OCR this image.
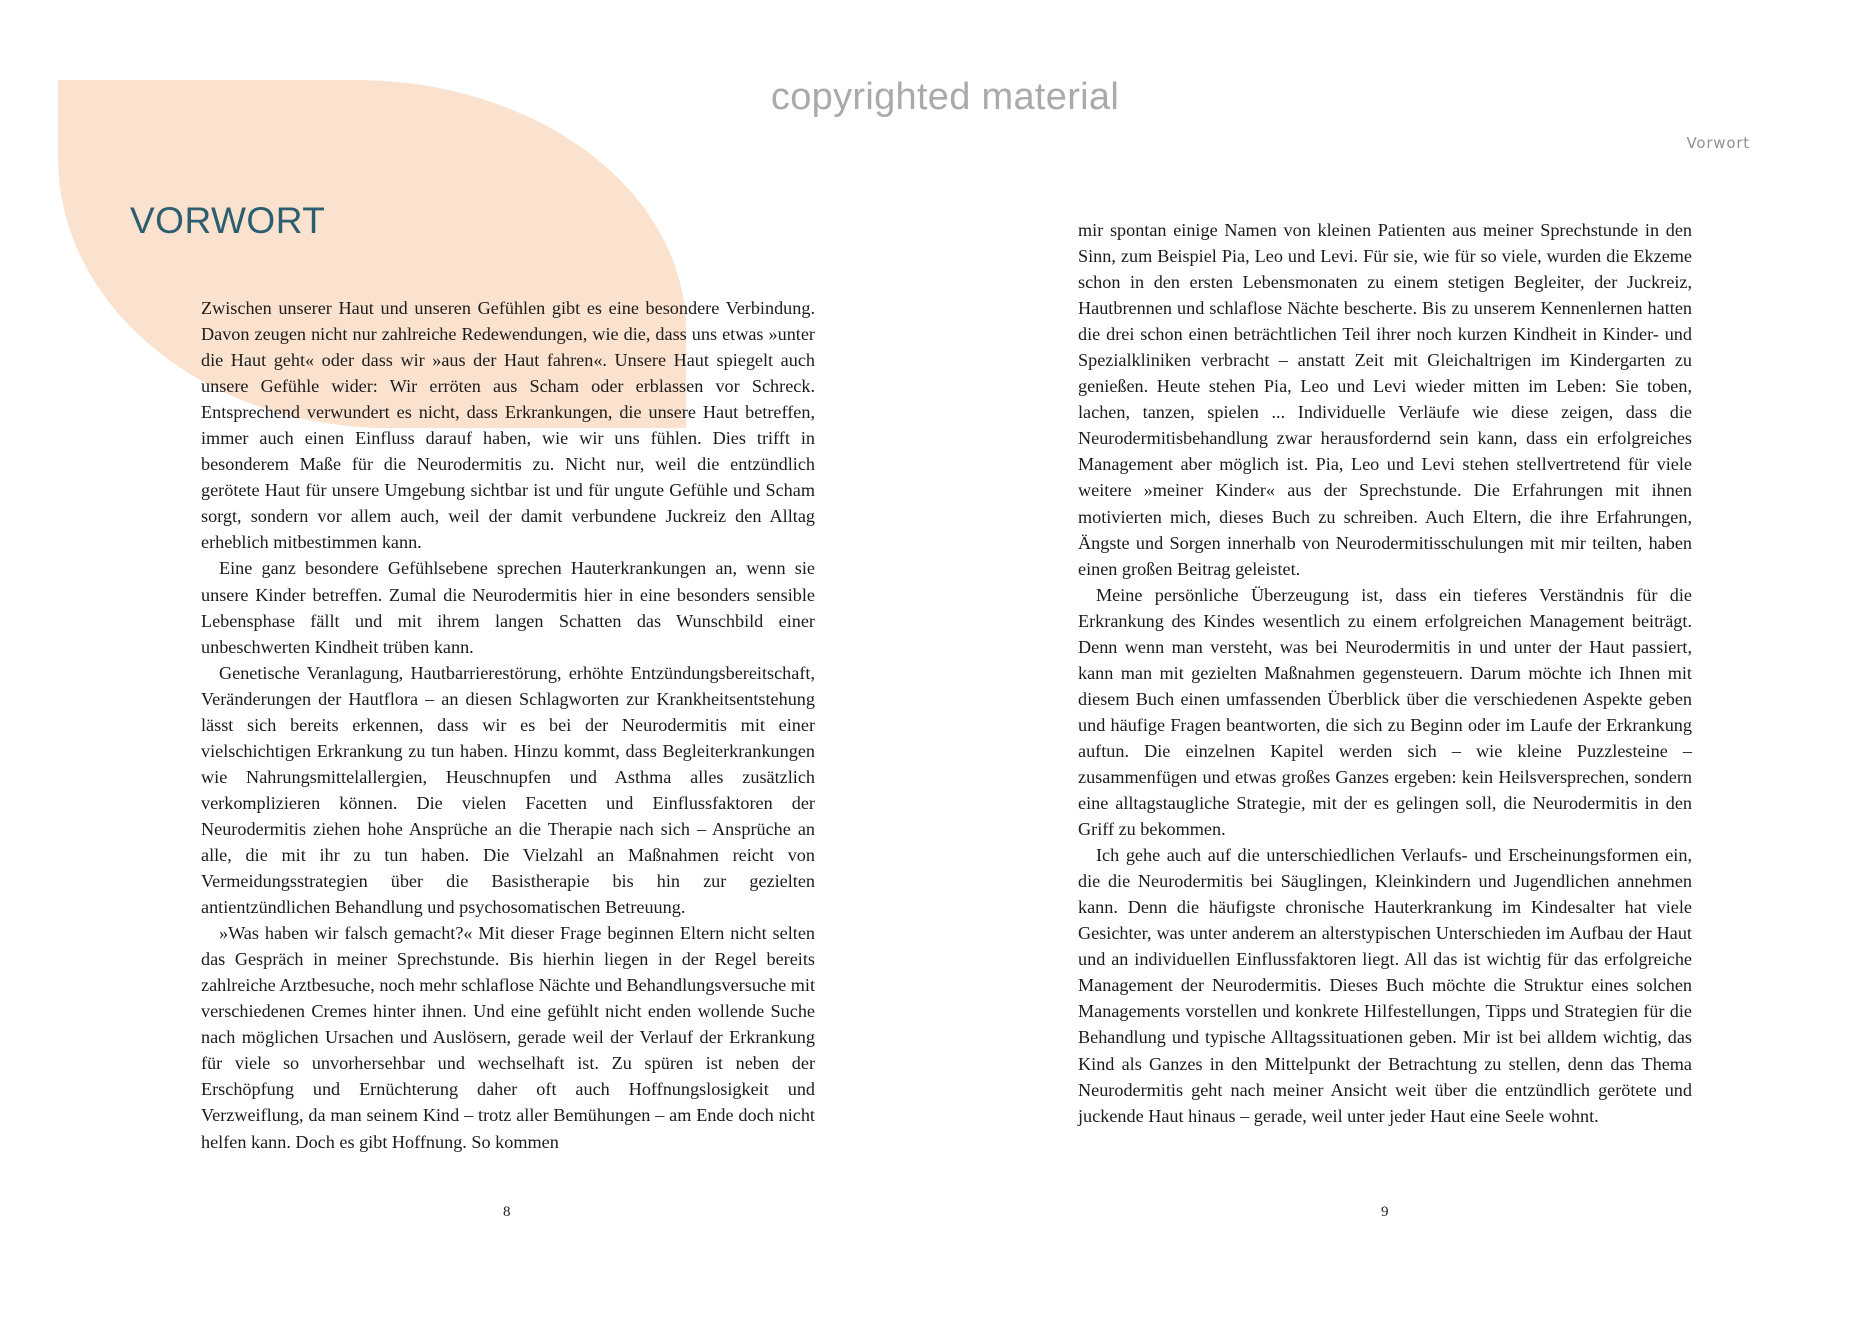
copyrighted material
Vorwort
VORWORT

Zwischen unserer Haut und unseren Gefühlen gibt es eine besondere Verbindung. Davon zeugen nicht nur zahlreiche Redewendungen, wie die, dass uns etwas »unter die Haut geht« oder dass wir »aus der Haut fahren«. Unsere Haut spiegelt auch unsere Gefühle wider: Wir erröten aus Scham oder erblassen vor Schreck. Entsprechend verwundert es nicht, dass Erkrankungen, die unsere Haut betreffen, immer auch einen Einfluss darauf haben, wie wir uns fühlen. Dies trifft in besonderem Maße für die Neurodermitis zu. Nicht nur, weil die entzündlich gerötete Haut für unsere Umgebung sichtbar ist und für ungute Gefühle und Scham sorgt, sondern vor allem auch, weil der damit verbundene Juckreiz den Alltag erheblich mitbestimmen kann.

Eine ganz besondere Gefühlsebene sprechen Hauterkrankungen an, wenn sie unsere Kinder betreffen. Zumal die Neurodermitis hier in eine besonders sensible Lebensphase fällt und mit ihrem langen Schatten das Wunschbild einer unbeschwerten Kindheit trüben kann.

Genetische Veranlagung, Hautbarrierestörung, erhöhte Entzündungsbereitschaft, Veränderungen der Hautflora – an diesen Schlagworten zur Krankheitsentstehung lässt sich bereits erkennen, dass wir es bei der Neurodermitis mit einer vielschichtigen Erkrankung zu tun haben. Hinzu kommt, dass Begleiterkrankungen wie Nahrungsmittelallergien, Heuschnupfen und Asthma alles zusätzlich verkomplizieren können. Die vielen Facetten und Einflussfaktoren der Neurodermitis ziehen hohe Ansprüche an die Therapie nach sich – Ansprüche an alle, die mit ihr zu tun haben. Die Vielzahl an Maßnahmen reicht von Vermeidungsstrategien über die Basistherapie bis hin zur gezielten antientzündlichen Behandlung und psychosomatischen Betreuung.

»Was haben wir falsch gemacht?« Mit dieser Frage beginnen Eltern nicht selten das Gespräch in meiner Sprechstunde. Bis hierhin liegen in der Regel bereits zahlreiche Arztbesuche, noch mehr schlaflose Nächte und Behandlungsversuche mit verschiedenen Cremes hinter ihnen. Und eine gefühlt nicht enden wollende Suche nach möglichen Ursachen und Auslösern, gerade weil der Verlauf der Erkrankung für viele so unvorhersehbar und wechselhaft ist. Zu spüren ist neben der Erschöpfung und Ernüchterung daher oft auch Hoffnungslosigkeit und Verzweiflung, da man seinem Kind – trotz aller Bemühungen – am Ende doch nicht helfen kann. Doch es gibt Hoffnung. So kommen

mir spontan einige Namen von kleinen Patienten aus meiner Sprechstunde in den Sinn, zum Beispiel Pia, Leo und Levi. Für sie, wie für so viele, wurden die Ekzeme schon in den ersten Lebensmonaten zu einem stetigen Begleiter, der Juckreiz, Hautbrennen und schlaflose Nächte bescherte. Bis zu unserem Kennenlernen hatten die drei schon einen beträchtlichen Teil ihrer noch kurzen Kindheit in Kinder- und Spezialkliniken verbracht – anstatt Zeit mit Gleichaltrigen im Kindergarten zu genießen. Heute stehen Pia, Leo und Levi wieder mitten im Leben: Sie toben, lachen, tanzen, spielen ... Individuelle Verläufe wie diese zeigen, dass die Neurodermitisbehandlung zwar herausfordernd sein kann, dass ein erfolgreiches Management aber möglich ist. Pia, Leo und Levi stehen stellvertretend für viele weitere »meiner Kinder« aus der Sprechstunde. Die Erfahrungen mit ihnen motivierten mich, dieses Buch zu schreiben. Auch Eltern, die ihre Erfahrungen, Ängste und Sorgen innerhalb von Neurodermitisschulungen mit mir teilten, haben einen großen Beitrag geleistet.

Meine persönliche Überzeugung ist, dass ein tieferes Verständnis für die Erkrankung des Kindes wesentlich zu einem erfolgreichen Management beiträgt. Denn wenn man versteht, was bei Neurodermitis in und unter der Haut passiert, kann man mit gezielten Maßnahmen gegensteuern. Darum möchte ich Ihnen mit diesem Buch einen umfassenden Überblick über die verschiedenen Aspekte geben und häufige Fragen beantworten, die sich zu Beginn oder im Laufe der Erkrankung auftun. Die einzelnen Kapitel werden sich – wie kleine Puzzlesteine – zusammenfügen und etwas großes Ganzes ergeben: kein Heilsversprechen, sondern eine alltagstaugliche Strategie, mit der es gelingen soll, die Neurodermitis in den Griff zu bekommen.

Ich gehe auch auf die unterschiedlichen Verlaufs- und Erscheinungsformen ein, die die Neurodermitis bei Säuglingen, Kleinkindern und Jugendlichen annehmen kann. Denn die häufigste chronische Hauterkrankung im Kindesalter hat viele Gesichter, was unter anderem an alterstypischen Unterschieden im Aufbau der Haut und an individuellen Einflussfaktoren liegt. All das ist wichtig für das erfolgreiche Management der Neurodermitis. Dieses Buch möchte die Struktur eines solchen Managements vorstellen und konkrete Hilfestellungen, Tipps und Strategien für die Behandlung und typische Alltagssituationen geben. Mir ist bei alldem wichtig, das Kind als Ganzes in den Mittelpunkt der Betrachtung zu stellen, denn das Thema Neurodermitis geht nach meiner Ansicht weit über die entzündlich gerötete und juckende Haut hinaus – gerade, weil unter jeder Haut eine Seele wohnt.

8	9
